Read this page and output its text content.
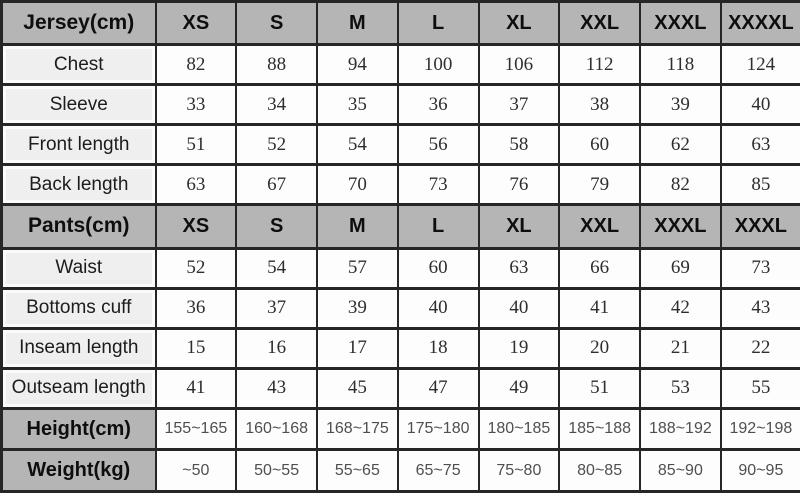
Jersey(cm)	XS	S	M	L	XL	XXL	XXXL	XXXXL
Chest	82	88	94	100	106	112	118	124
Sleeve	33	34	35	36	37	38	39	40
Front length	51	52	54	56	58	60	62	63
Back length	63	67	70	73	76	79	82	85
Pants(cm)	XS	S	M	L	XL	XXL	XXXL	XXXL
Waist	52	54	57	60	63	66	69	73
Bottoms cuff	36	37	39	40	40	41	42	43
Inseam length	15	16	17	18	19	20	21	22
Outseam length	41	43	45	47	49	51	53	55
Height(cm)	155~165	160~168	168~175	175~180	180~185	185~188	188~192	192~198
Weight(kg)	~50	50~55	55~65	65~75	75~80	80~85	85~90	90~95
